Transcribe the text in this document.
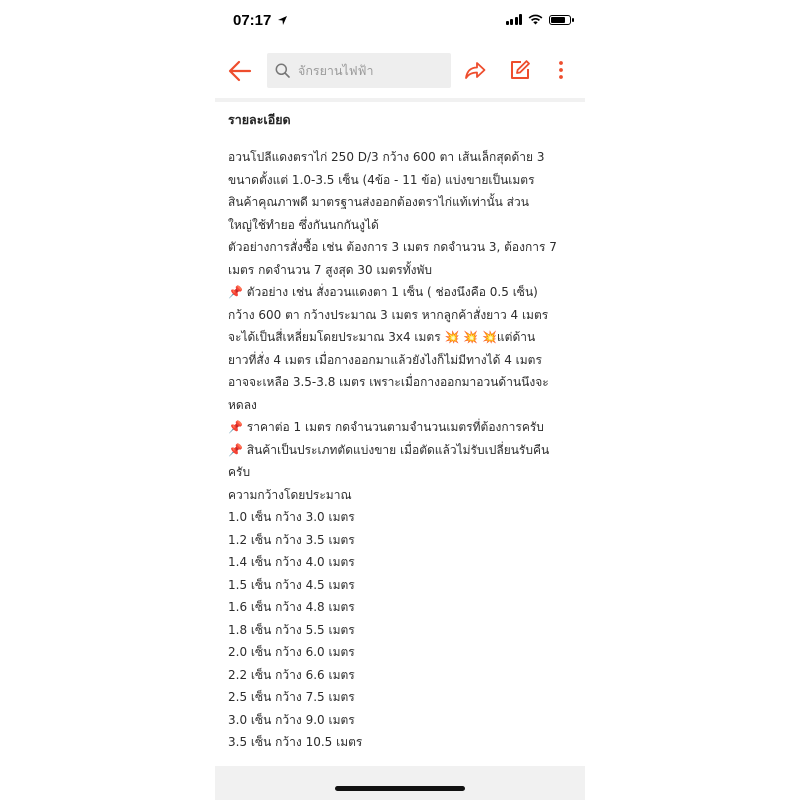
07:17
จักรยานไฟฟ้า
รายละเอียด
อวนโปลีแดงตราไก่ 250 D/3 กว้าง 600 ตา เส้นเล็กสุดด้าย 3
ขนาดตั้งแต่ 1.0-3.5 เซ็น (4ข้อ - 11 ข้อ) แบ่งขายเป็นเมตร
สินค้าคุณภาพดี มาตรฐานส่งออกต้องตราไก่แท้เท่านั้น ส่วน
ใหญ่ใช้ทำยอ ซึ่งกันนกกันงูได้
ตัวอย่างการสั่งซื้อ เช่น ต้องการ 3 เมตร กดจำนวน 3, ต้องการ 7
เมตร กดจำนวน 7 สูงสุด 30 เมตรทั้งพับ
📌 ตัวอย่าง เช่น สั่งอวนแดงตา 1 เซ็น ( ช่องนึงคือ 0.5 เซ็น)
กว้าง 600 ตา กว้างประมาณ 3 เมตร หากลูกค้าสั่งยาว 4 เมตร
จะได้เป็นสี่เหลี่ยมโดยประมาณ 3x4 เมตร 💥 💥 💥แต่ด้าน
ยาวที่สั่ง 4 เมตร เมื่อกางออกมาแล้วยังไงก็ไม่มีทางได้ 4 เมตร
อาจจะเหลือ 3.5-3.8 เมตร เพราะเมื่อกางออกมาอวนด้านนึงจะ
หดลง
📌 ราคาต่อ 1 เมตร กดจำนวนตามจำนวนเมตรที่ต้องการครับ
📌 สินค้าเป็นประเภทตัดแบ่งขาย เมื่อตัดแล้วไม่รับเปลี่ยนรับคืน
ครับ
ความกว้างโดยประมาณ
1.0 เซ็น กว้าง 3.0 เมตร
1.2 เซ็น กว้าง 3.5 เมตร
1.4 เซ็น กว้าง 4.0 เมตร
1.5 เซ็น กว้าง 4.5 เมตร
1.6 เซ็น กว้าง 4.8 เมตร
1.8 เซ็น กว้าง 5.5 เมตร
2.0 เซ็น กว้าง 6.0 เมตร
2.2 เซ็น กว้าง 6.6 เมตร
2.5 เซ็น กว้าง 7.5 เมตร
3.0 เซ็น กว้าง 9.0 เมตร
3.5 เซ็น กว้าง 10.5 เมตร
